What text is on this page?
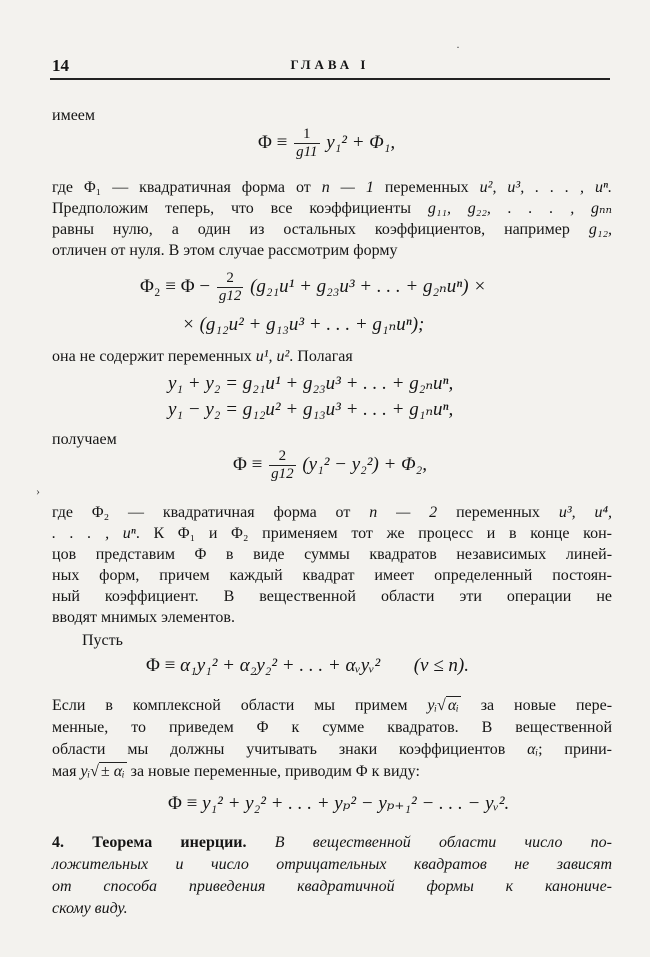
14	ГЛАВА I
·
имеем
$\Phi \equiv \frac{1}{g11} y_1^2 + \Phi_1$,
где Φ₁ — квадратичная форма от n — 1 переменных u², u³, . . . , uⁿ.
Предположим теперь, что все коэффициенты g₁₁, g₂₂, . . . , gₙₙ
равны нулю, а один из остальных коэффициентов, например g₁₂,
отличен от нуля. В этом случае рассмотрим форму
$\Phi_2 \equiv \Phi - \frac{2}{g12} (g_{21}u^1 + g_{23}u^3$ + . . . + g₂ₙuⁿ) ×
× (g₁₂u² + g₁₃u³ + . . . + g₁ₙuⁿ);
она не содержит переменных u¹, u². Полагая
y₁ + y₂ = g₂₁u¹ + g₂₃u³ + . . . + g₂ₙuⁿ,
y₁ − y₂ = g₁₂u² + g₁₃u³ + . . . + g₁ₙuⁿ,
получаем
$\Phi \equiv \frac{2}{g12} (y_1^2 - y_2^2) + \Phi_2$,
›
где Φ₂ — квадратичная форма от n — 2 переменных u³, u⁴,
. . . , uⁿ. К Φ₁ и Φ₂ применяем тот же процесс и в конце кон-
цов представим Φ в виде суммы квадратов независимых линей-
ных форм, причем каждый квадрат имеет определенный постоян-
ный коэффициент. В вещественной области эти операции не
вводят мнимых элементов.
Пусть
Φ ≡ α₁y₁² + α₂y₂² + . . . + αᵥyᵥ² (ν ≤ n).
Если в комплексной области мы примем yᵢ√ αᵢ за новые пере-
менные, то приведем Φ к сумме квадратов. В вещественной
области мы должны учитывать знаки коэффициентов αᵢ; прини-
мая yᵢ√ ± αᵢ за новые переменные, приводим Φ к виду:
Φ ≡ y₁² + y₂² + . . . + yₚ² − yₚ₊₁² − . . . − yᵥ².
4. Теорема инерции. В вещественной области число по-
ложительных и число отрицательных квадратов не зависят
от способа приведения квадратичной формы к канониче-
скому виду.
